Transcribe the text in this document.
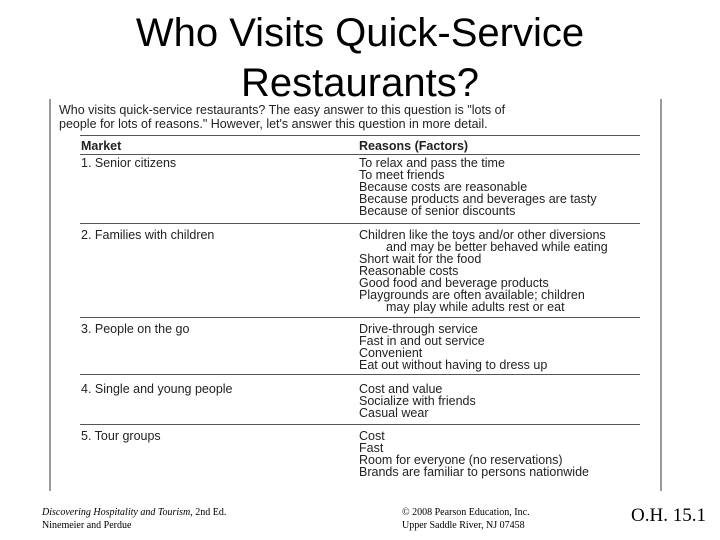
Who Visits Quick-Service
Restaurants?
Who visits quick-service restaurants? The easy answer to this question is "lots of
people for lots of reasons." However, let's answer this question in more detail.
Market	Reasons (Factors)
1. Senior citizens	To relax and pass the time
To meet friends
Because costs are reasonable
Because products and beverages are tasty
Because of senior discounts
2. Families with children	Children like the toys and/or other diversions
and may be better behaved while eating
Short wait for the food
Reasonable costs
Good food and beverage products
Playgrounds are often available; children
may play while adults rest or eat
3. People on the go	Drive-through service
Fast in and out service
Convenient
Eat out without having to dress up
4. Single and young people	Cost and value
Socialize with friends
Casual wear
5. Tour groups	Cost
Fast
Room for everyone (no reservations)
Brands are familiar to persons nationwide
Discovering Hospitality and Tourism, 2nd Ed.
Ninemeier and Perdue
© 2008 Pearson Education, Inc.
Upper Saddle River, NJ 07458	O.H. 15.1
